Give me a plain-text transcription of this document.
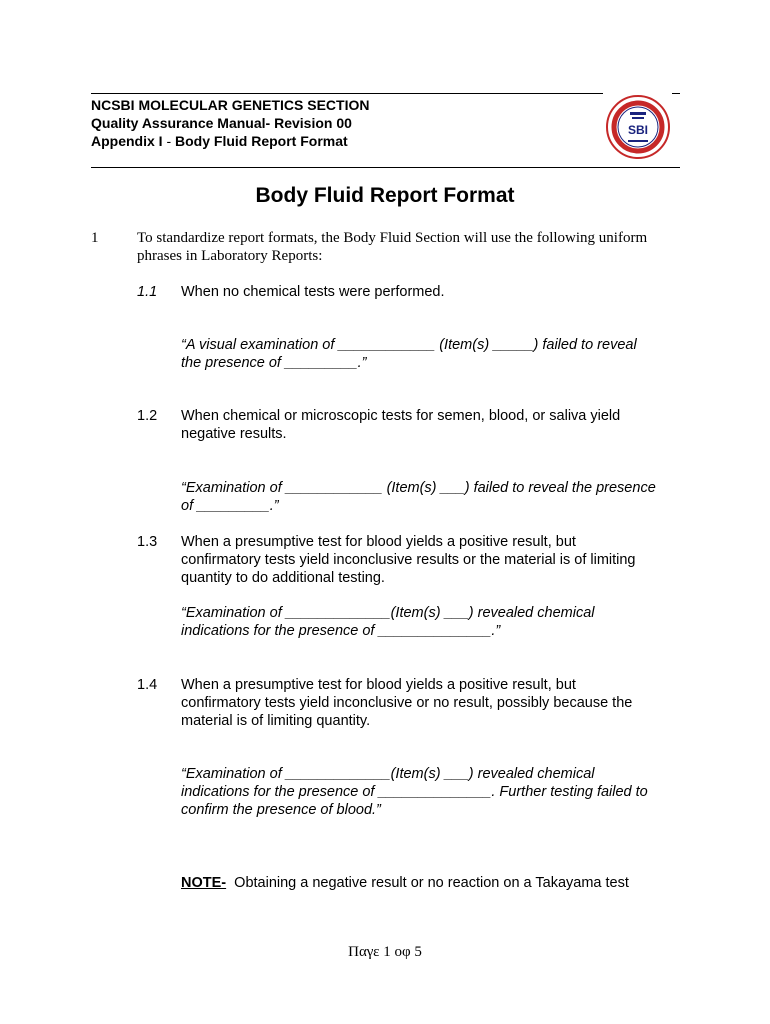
NCSBI MOLECULAR GENETICS SECTION
Quality Assurance Manual- Revision 00
Appendix I - Body Fluid Report Format
SBI
Body Fluid Report Format
1	To standardize report formats, the Body Fluid Section will use the following uniform
phrases in Laboratory Reports:
1.1 When no chemical tests were performed.
“A visual examination of ____________ (Item(s) _____) failed to reveal
the presence of _________.”
1.2 When chemical or microscopic tests for semen, blood, or saliva yield
negative results.
“Examination of ____________ (Item(s) ___) failed to reveal the presence
of _________.”
1.3 When a presumptive test for blood yields a positive result, but
confirmatory tests yield inconclusive results or the material is of limiting
quantity to do additional testing.
“Examination of _____________(Item(s) ___) revealed chemical
indications for the presence of ______________.”
1.4 When a presumptive test for blood yields a positive result, but
confirmatory tests yield inconclusive or no result, possibly because the
material is of limiting quantity.
“Examination of _____________(Item(s) ___) revealed chemical
indications for the presence of ______________. Further testing failed to
confirm the presence of blood.”
NOTE-  Obtaining a negative result or no reaction on a Takayama test
Παγε 1 οφ 5
